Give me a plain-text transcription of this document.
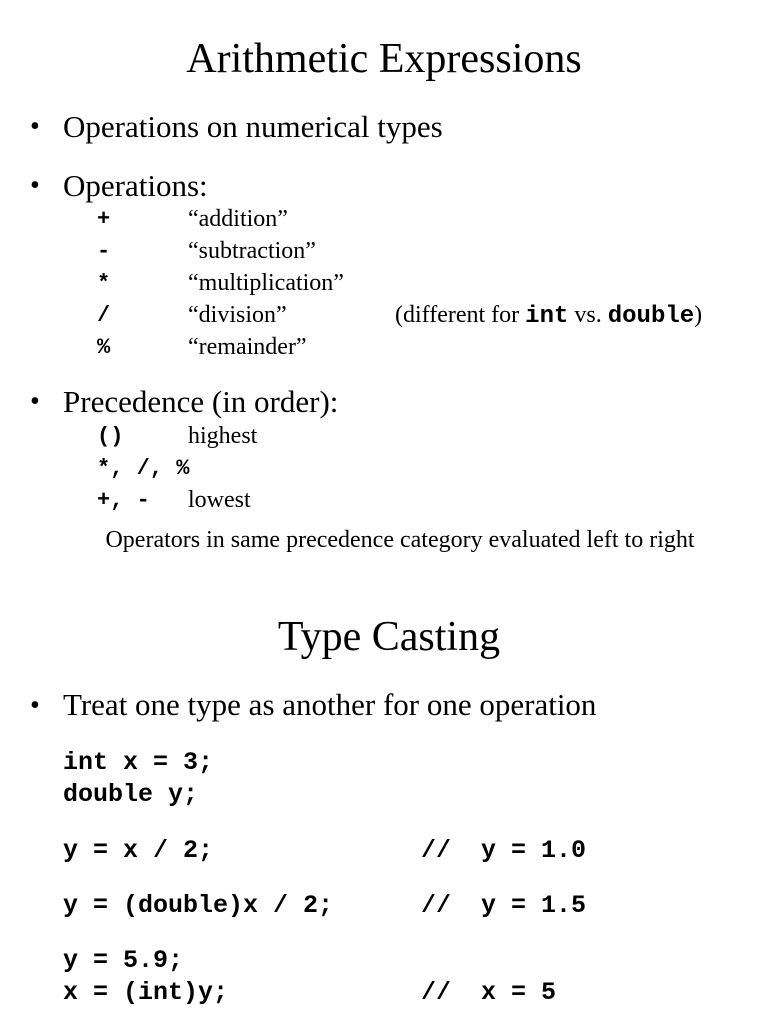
Arithmetic Expressions
• Operations on numerical types
• Operations:
+	“addition”
-	“subtraction”
*	“multiplication”
/	“division”	(different for int vs. double)
%	“remainder”
• Precedence (in order):
()	highest
*, /, %
+, - lowest
Operators in same precedence category evaluated left to right
Type Casting
• Treat one type as another for one operation
int x = 3;
double y;
y = x / 2;	//  y = 1.0
y = (double)x / 2;	//  y = 1.5
y = 5.9;
x = (int)y;	//  x = 5
